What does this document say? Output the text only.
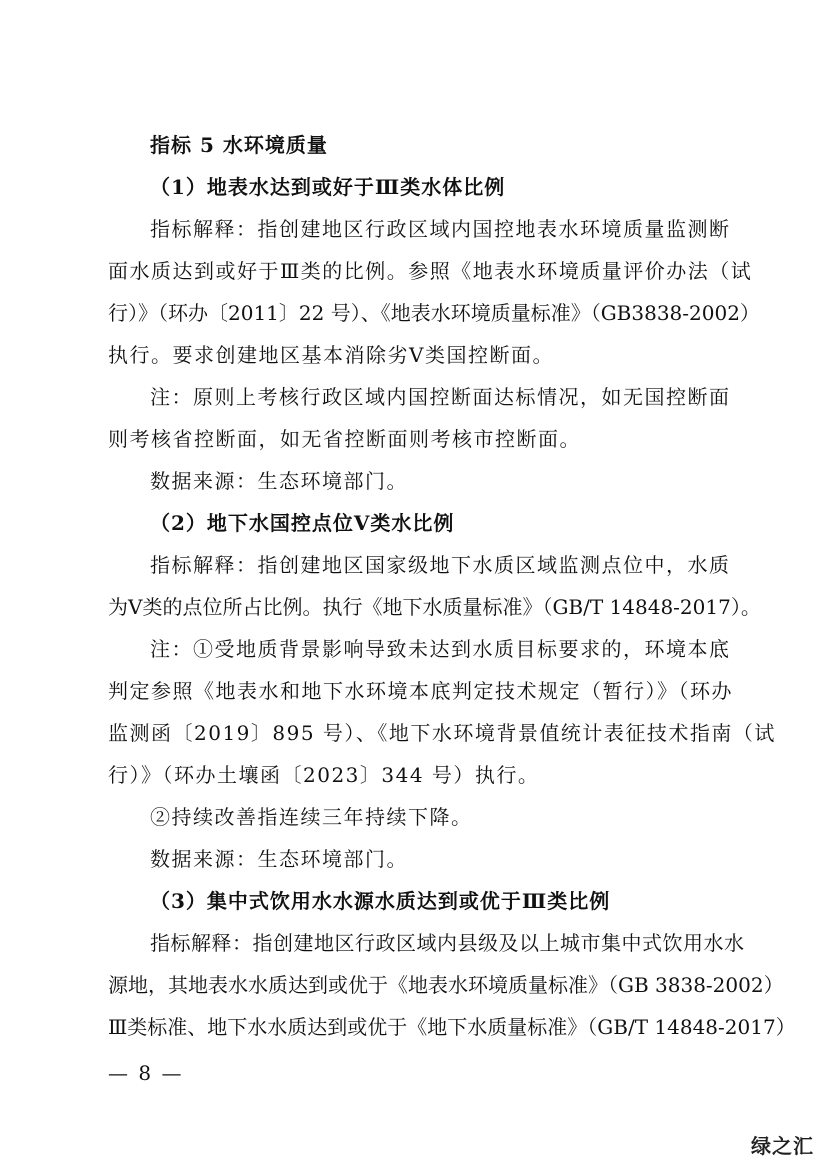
指标 5 水环境质量
（1）地表水达到或好于Ⅲ类水体比例
指标解释：指创建地区行政区域内国控地表水环境质量监测断
面水质达到或好于Ⅲ类的比例。参照《地表水环境质量评价办法（试
行）》（环办〔2011〕22 号）、《地表水环境质量标准》（GB3838-2002）
执行。要求创建地区基本消除劣Ⅴ类国控断面。
注：原则上考核行政区域内国控断面达标情况，如无国控断面
则考核省控断面，如无省控断面则考核市控断面。
数据来源：生态环境部门。
（2）地下水国控点位Ⅴ类水比例
指标解释：指创建地区国家级地下水质区域监测点位中，水质
为Ⅴ类的点位所占比例。执行《地下水质量标准》（GB/T 14848-2017）。
注：①受地质背景影响导致未达到水质目标要求的，环境本底
判定参照《地表水和地下水环境本底判定技术规定（暂行）》（环办
监测函〔2019〕895 号）、《地下水环境背景值统计表征技术指南（试
行）》（环办土壤函〔2023〕344 号）执行。
②持续改善指连续三年持续下降。
数据来源：生态环境部门。
（3）集中式饮用水水源水质达到或优于Ⅲ类比例
指标解释：指创建地区行政区域内县级及以上城市集中式饮用水水
源地，其地表水水质达到或优于《地表水环境质量标准》（GB 3838-2002）
Ⅲ类标准、地下水水质达到或优于《地下水质量标准》（GB/T 14848-2017）
— 8 —
绿之汇
